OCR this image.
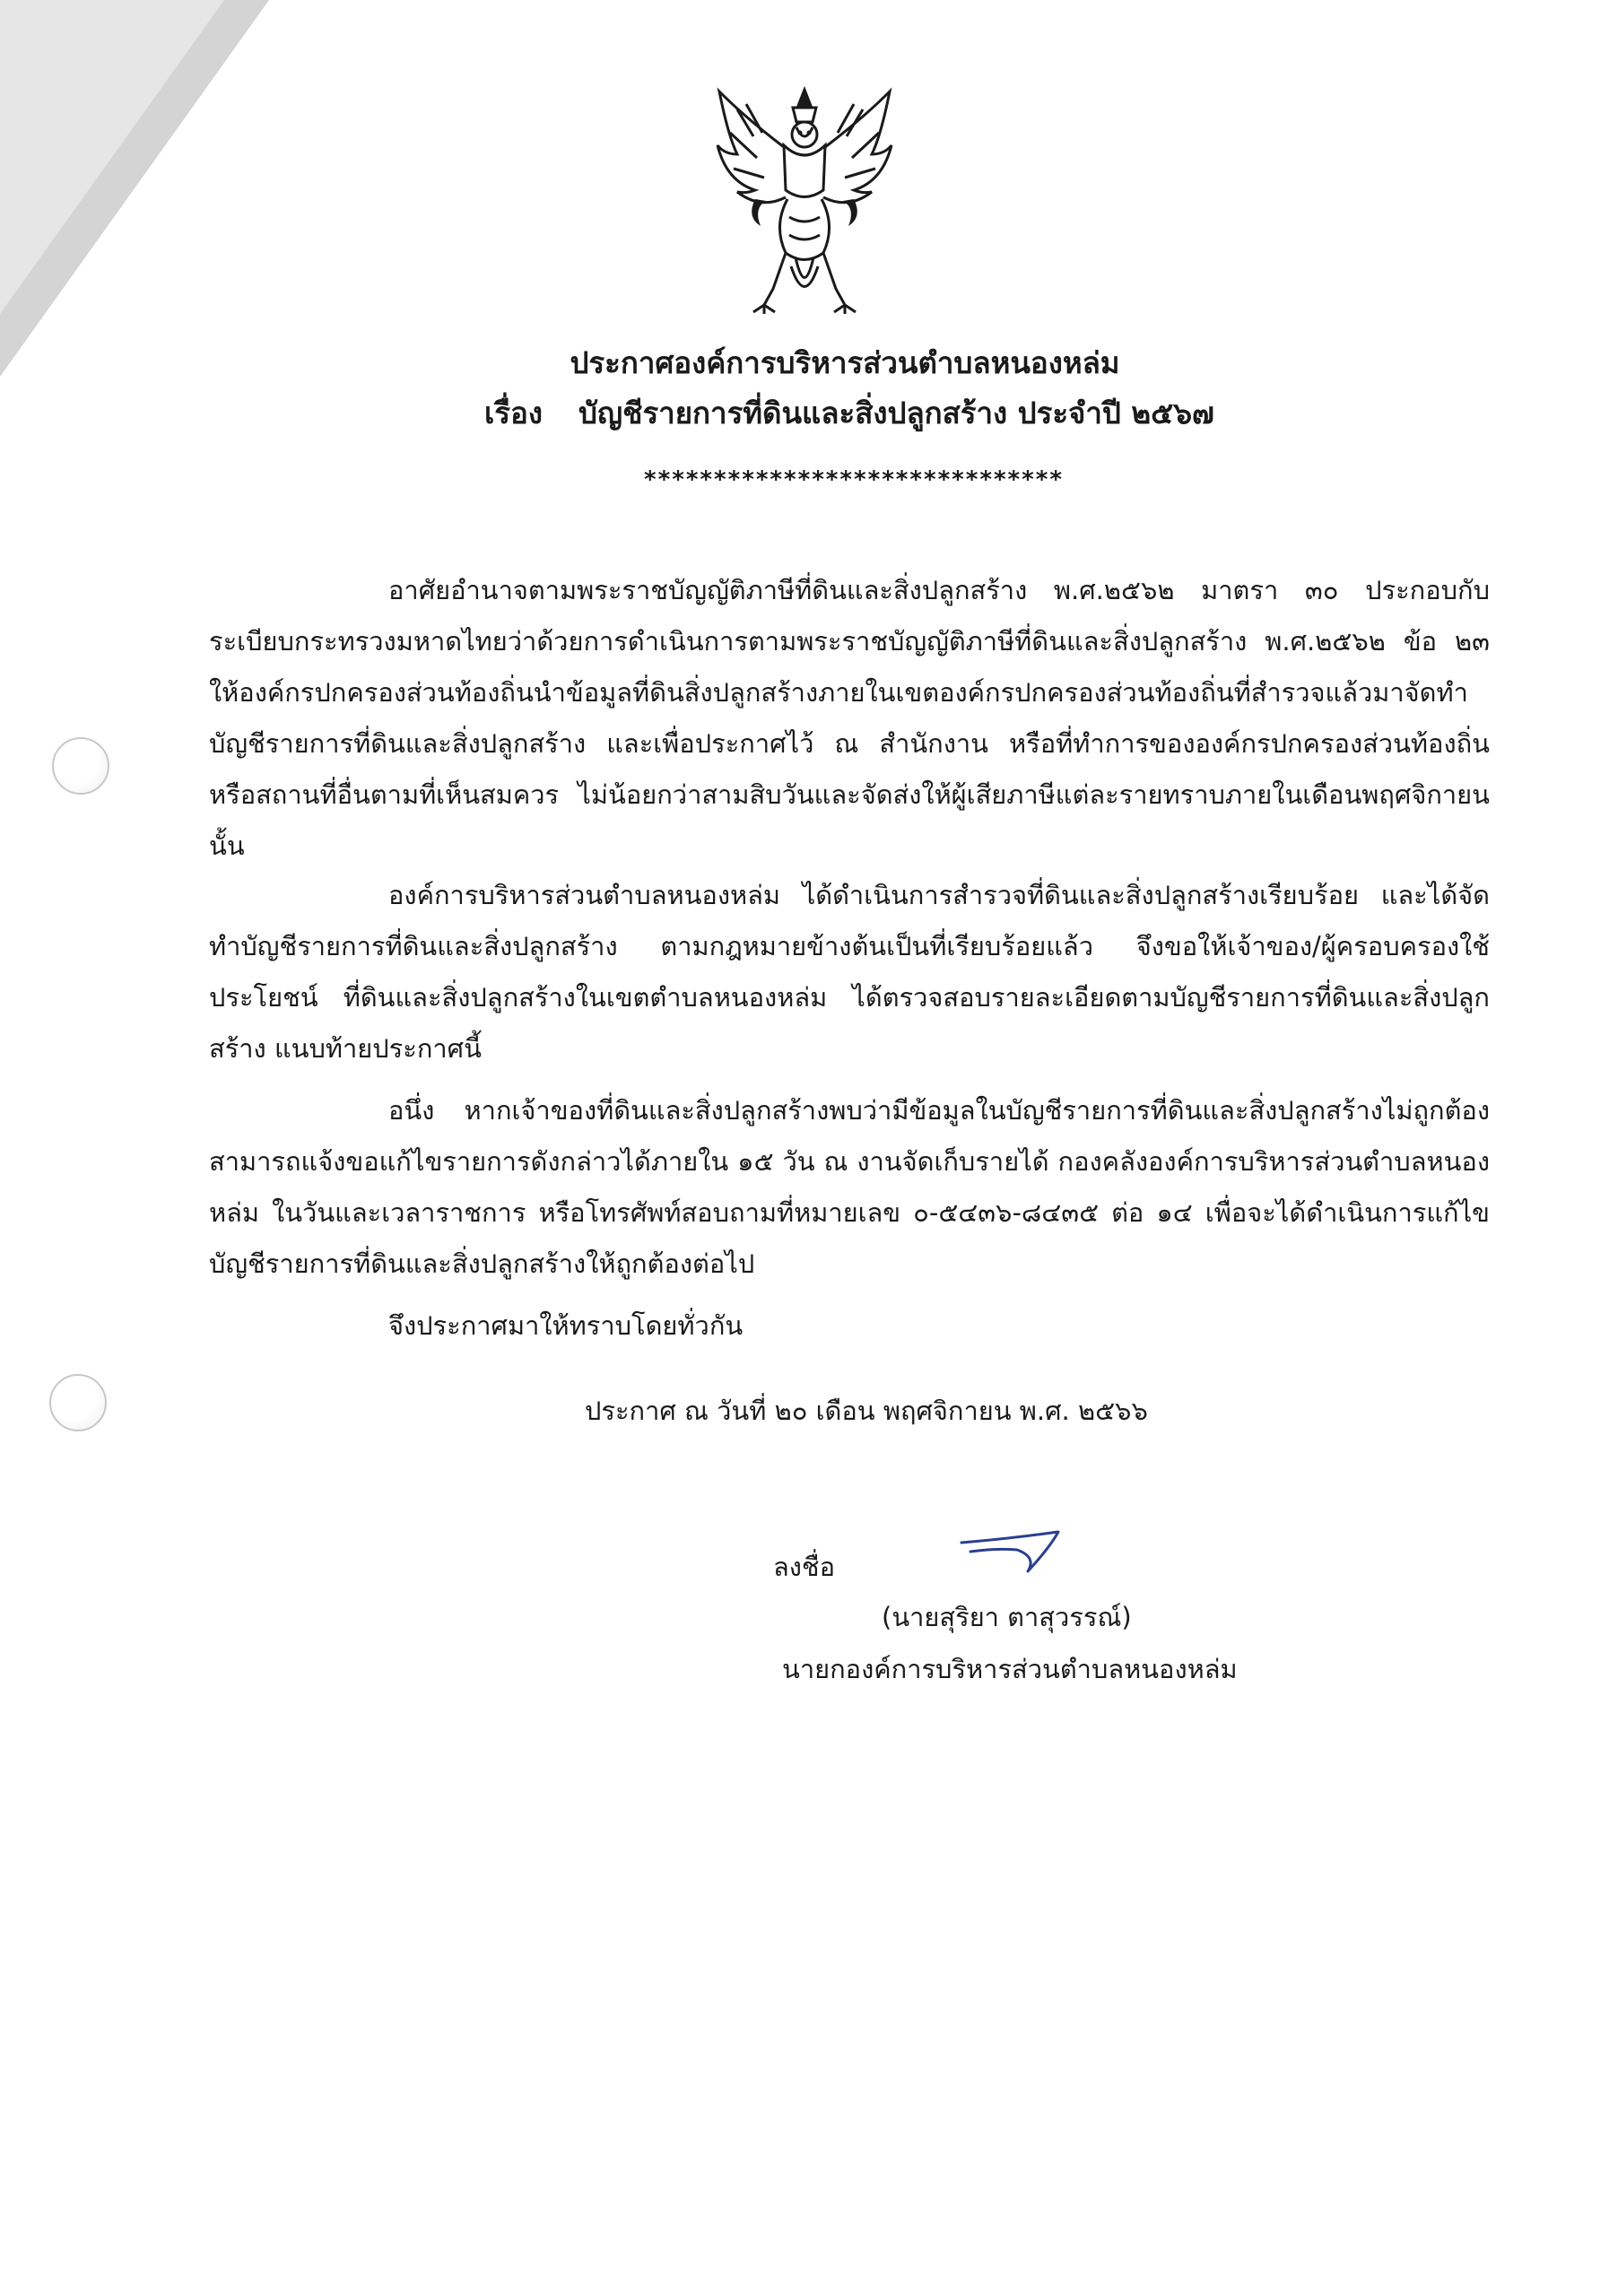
ประกาศองค์การบริหารส่วนตำบลหนองหล่ม
เรื่อง บัญชีรายการที่ดินและสิ่งปลูกสร้าง ประจำปี ๒๕๖๗
******************************
อาศัยอำนาจตามพระราชบัญญัติภาษีที่ดินและสิ่งปลูกสร้าง พ.ศ.๒๕๖๒ มาตรา ๓๐ ประกอบกับระเบียบกระทรวงมหาดไทยว่าด้วยการดำเนินการตามพระราชบัญญัติภาษีที่ดินและสิ่งปลูกสร้าง พ.ศ.๒๕๖๒ ข้อ ๒๓ ให้องค์กรปกครองส่วนท้องถิ่นนำข้อมูลที่ดินสิ่งปลูกสร้างภายในเขตองค์กรปกครองส่วนท้องถิ่นที่สำรวจแล้วมาจัดทำบัญชีรายการที่ดินและสิ่งปลูกสร้าง และเพื่อประกาศไว้ ณ สำนักงาน หรือที่ทำการขององค์กรปกครองส่วนท้องถิ่น หรือสถานที่อื่นตามที่เห็นสมควร ไม่น้อยกว่าสามสิบวันและจัดส่งให้ผู้เสียภาษีแต่ละรายทราบภายในเดือนพฤศจิกายน นั้น
องค์การบริหารส่วนตำบลหนองหล่ม ได้ดำเนินการสำรวจที่ดินและสิ่งปลูกสร้างเรียบร้อย และได้จัดทำบัญชีรายการที่ดินและสิ่งปลูกสร้าง ตามกฎหมายข้างต้นเป็นที่เรียบร้อยแล้ว จึงขอให้เจ้าของ/ผู้ครอบครองใช้ประโยชน์ ที่ดินและสิ่งปลูกสร้างในเขตตำบลหนองหล่ม ได้ตรวจสอบรายละเอียดตามบัญชีรายการที่ดินและสิ่งปลูกสร้าง แนบท้ายประกาศนี้
อนึ่ง หากเจ้าของที่ดินและสิ่งปลูกสร้างพบว่ามีข้อมูลในบัญชีรายการที่ดินและสิ่งปลูกสร้างไม่ถูกต้อง สามารถแจ้งขอแก้ไขรายการดังกล่าวได้ภายใน ๑๕ วัน ณ งานจัดเก็บรายได้ กองคลังองค์การบริหารส่วนตำบลหนองหล่ม ในวันและเวลาราชการ หรือโทรศัพท์สอบถามที่หมายเลข ๐-๕๔๓๖-๘๔๓๕ ต่อ ๑๔ เพื่อจะได้ดำเนินการแก้ไขบัญชีรายการที่ดินและสิ่งปลูกสร้างให้ถูกต้องต่อไป
จึงประกาศมาให้ทราบโดยทั่วกัน
ประกาศ ณ วันที่ ๒๐ เดือน พฤศจิกายน พ.ศ. ๒๕๖๖
ลงชื่อ
(นายสุริยา ตาสุวรรณ์)
นายกองค์การบริหารส่วนตำบลหนองหล่ม
